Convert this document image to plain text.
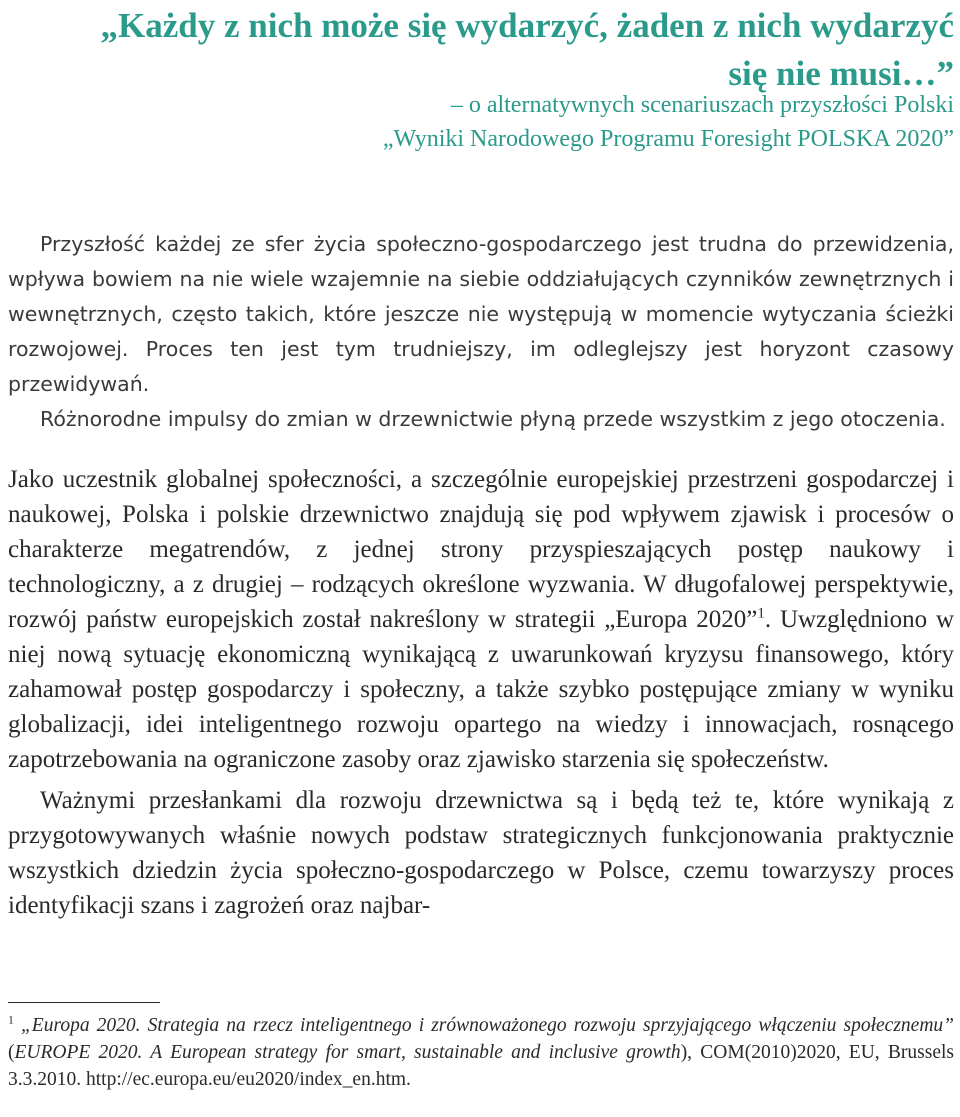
„Każdy z nich może się wydarzyć, żaden z nich wydarzyć się nie musi…”
– o alternatywnych scenariuszach przyszłości Polski
„Wyniki Narodowego Programu Foresight POLSKA 2020”

Przyszłość każdej ze sfer życia społeczno-gospodarczego jest trudna do przewidzenia, wpływa bowiem na nie wiele wzajemnie na siebie oddziałujących czynników zewnętrznych i wewnętrznych, często takich, które jeszcze nie występują w momencie wytyczania ścieżki rozwojowej. Proces ten jest tym trudniejszy, im odleglejszy jest horyzont czasowy przewidywań.

Różnorodne impulsy do zmian w drzewnictwie płyną przede wszystkim z jego otoczenia.

Jako uczestnik globalnej społeczności, a szczególnie europejskiej przestrzeni gospodarczej i naukowej, Polska i polskie drzewnictwo znajdują się pod wpływem zjawisk i procesów o charakterze megatrendów, z jednej strony przyspieszających postęp naukowy i technologiczny, a z drugiej – rodzących określone wyzwania. W długofalowej perspektywie, rozwój państw europejskich został nakreślony w strategii „Europa 2020”$^1$. Uwzględniono w niej nową sytuację ekonomiczną wynikającą z uwarunkowań kryzysu finansowego, który zahamował postęp gospodarczy i społeczny, a także szybko postępujące zmiany w wyniku globalizacji, idei inteligentnego rozwoju opartego na wiedzy i innowacjach, rosnącego zapotrzebowania na ograniczone zasoby oraz zjawisko starzenia się społeczeństw.

Ważnymi przesłankami dla rozwoju drzewnictwa są i będą też te, które wynikają z przygotowywanych właśnie nowych podstaw strategicznych funkcjonowania praktycznie wszystkich dziedzin życia społeczno-gospodarczego w Polsce, czemu towarzyszy proces identyfikacji szans i zagrożeń oraz najbar-

$^1$ „Europa 2020. Strategia na rzecz inteligentnego i zrównoważonego rozwoju sprzyjającego włączeniu społecznemu” (EUROPE 2020. A European strategy for smart, sustainable and inclusive growth), COM(2010)2020, EU, Brussels 3.3.2010. http://ec.europa.eu/eu2020/index_en.htm.
